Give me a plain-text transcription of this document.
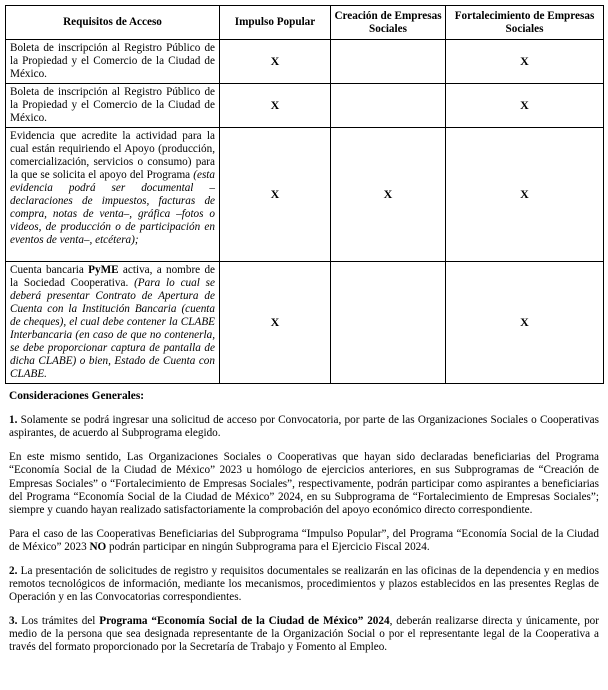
Requisitos de Acceso	Impulso Popular	Creación de Empresas Sociales	Fortalecimiento de Empresas Sociales
Boleta de inscripción al Registro Público de la Propiedad y el Comercio de la Ciudad de México.	X		X
Boleta de inscripción al Registro Público de la Propiedad y el Comercio de la Ciudad de México.	X		X
Evidencia que acredite la actividad para la cual están requiriendo el Apoyo (producción, comercialización, servicios o consumo) para la que se solicita el apoyo del Programa (esta evidencia podrá ser documental –declaraciones de impuestos, facturas de compra, notas de venta–, gráfica –fotos o videos, de producción o de participación en eventos de venta–, etcétera);	X	X	X
Cuenta bancaria PyME activa, a nombre de la Sociedad Cooperativa. (Para lo cual se deberá presentar Contrato de Apertura de Cuenta con la Institución Bancaria (cuenta de cheques), el cual debe contener la CLABE Interbancaria (en caso de que no contenerla, se debe proporcionar captura de pantalla de dicha CLABE) o bien, Estado de Cuenta con CLABE.	X		X
Consideraciones Generales:

1. Solamente se podrá ingresar una solicitud de acceso por Convocatoria, por parte de las Organizaciones Sociales o Cooperativas aspirantes, de acuerdo al Subprograma elegido.

En este mismo sentido, Las Organizaciones Sociales o Cooperativas que hayan sido declaradas beneficiarias del Programa “Economía Social de la Ciudad de México” 2023 u homólogo de ejercicios anteriores, en sus Subprogramas de “Creación de Empresas Sociales” o “Fortalecimiento de Empresas Sociales”, respectivamente, podrán participar como aspirantes a beneficiarias del Programa “Economía Social de la Ciudad de México” 2024, en su Subprograma de “Fortalecimiento de Empresas Sociales”; siempre y cuando hayan realizado satisfactoriamente la comprobación del apoyo económico directo correspondiente.

Para el caso de las Cooperativas Beneficiarias del Subprograma “Impulso Popular”, del Programa “Economía Social de la Ciudad de México” 2023 NO podrán participar en ningún Subprograma para el Ejercicio Fiscal 2024.

2. La presentación de solicitudes de registro y requisitos documentales se realizarán en las oficinas de la dependencia y en medios remotos tecnológicos de información, mediante los mecanismos, procedimientos y plazos establecidos en las presentes Reglas de Operación y en las Convocatorias correspondientes.

3. Los trámites del Programa “Economía Social de la Ciudad de México” 2024, deberán realizarse directa y únicamente, por medio de la persona que sea designada representante de la Organización Social o por el representante legal de la Cooperativa a través del formato proporcionado por la Secretaría de Trabajo y Fomento al Empleo.
